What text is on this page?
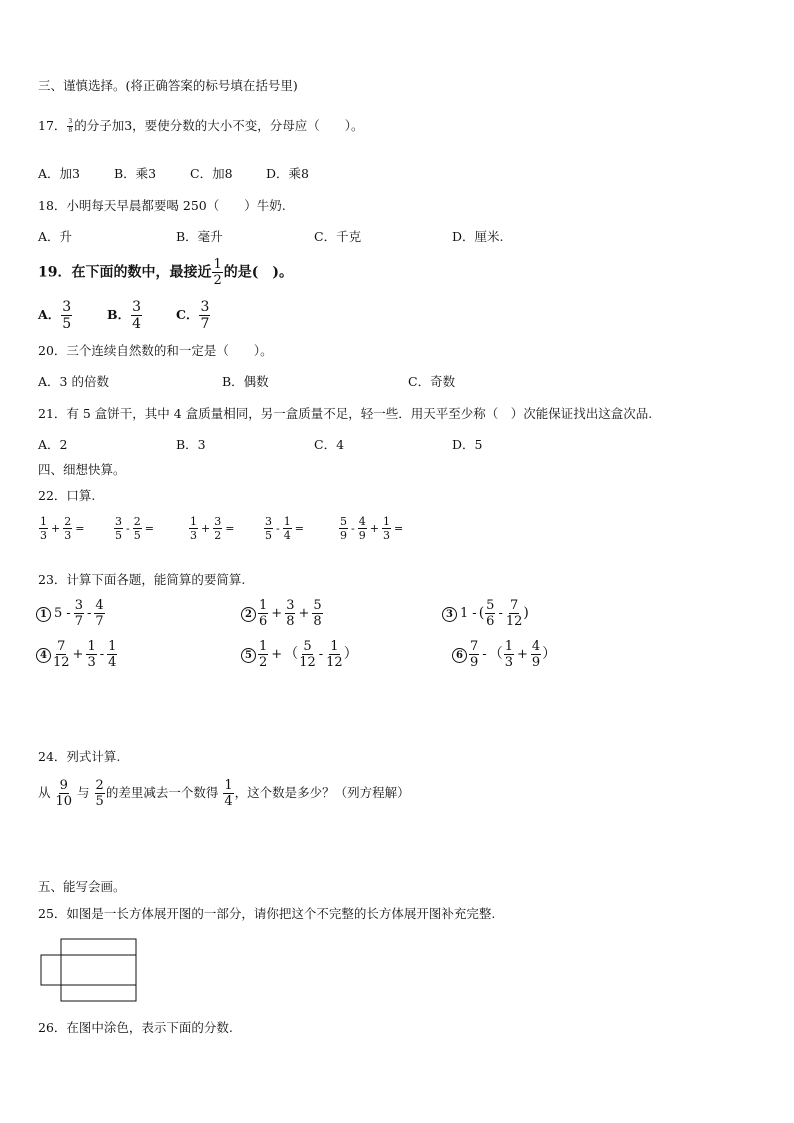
三、谨慎选择。(将正确答案的标号填在括号里)
17． $\frac{3}{8}$ 的分子加3，要使分数的大小不变，分母应（　　）。
A．加3	B．乘3	C．加8	D．乘8
18．小明每天早晨都要喝 250（　　）牛奶.
A．升	B．毫升	C．千克	D．厘米.
19．在下面的数中，最接近 $\frac{1}{2}$ 的是(　)。
A． $\frac{3}{5}$	B． $\frac{3}{4}$	C． $\frac{3}{7}$
20．三个连续自然数的和一定是（　　）。
A．3 的倍数	B．偶数	C．奇数
21．有 5 盒饼干，其中 4 盒质量相同，另一盒质量不足，轻一些．用天平至少称（　）次能保证找出这盒次品.
A．2	B．3	C．4	D．5
四、细想快算。
22．口算.
$\frac{1}{3} + \frac{2}{3}$ =	$\frac{3}{5} - \frac{2}{5}$ =	$\frac{1}{3} + \frac{3}{2}$ =	$\frac{3}{5} - \frac{1}{4}$ =	$\frac{5}{9} - \frac{4}{9} + \frac{1}{3}$ =
23．计算下面各题，能简算的要简算.
1 $5 - \frac{3}{7} - \frac{4}{7}$	$2 \frac{1}{6} + \frac{3}{8} + \frac{5}{8}$	3 1 - ( $\frac{5}{6} - \frac{7}{12}$ )
$4 \frac{7}{12} + \frac{1}{3} - \frac{1}{4}$	$5 \frac{1}{2}$ + （ $\frac{5}{12} - \frac{1}{12}$ ）	$6 \frac{7}{9}$ - （ $\frac{1}{3} + \frac{4}{9}$ ）
24．列式计算.
从 $\frac{9}{10}$ 与 $\frac{2}{5}$ 的差里减去一个数得 $\frac{1}{4}$ ，这个数是多少？（列方程解）
五、能写会画。
25．如图是一长方体展开图的一部分，请你把这个不完整的长方体展开图补充完整.
26．在图中涂色，表示下面的分数.
